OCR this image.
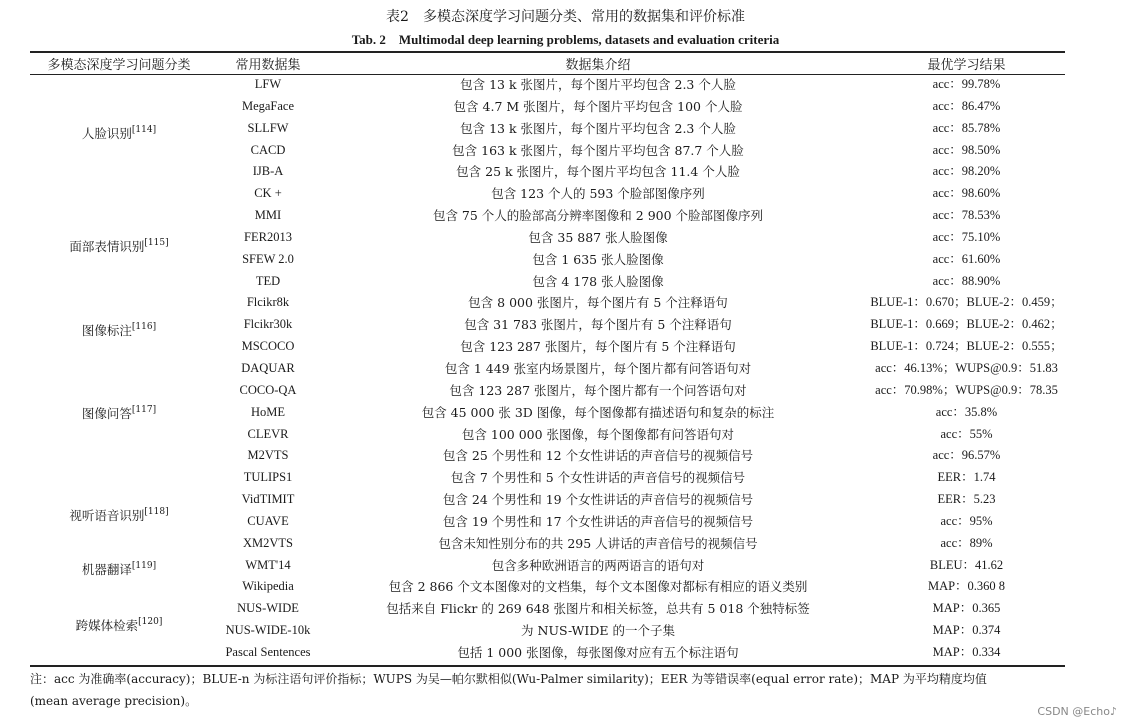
表2　多模态深度学习问题分类、常用的数据集和评价标准
Tab. 2　Multimodal deep learning problems, datasets and evaluation criteria
多模态深度学习问题分类	常用数据集	数据集介绍	最优学习结果

人脸识别[114]	LFW	包含 13 k 张图片，每个图片平均包含 2.3 个人脸	acc：99.78%
	MegaFace	包含 4.7 M 张图片，每个图片平均包含 100 个人脸	acc：86.47%
	SLLFW	包含 13 k 张图片，每个图片平均包含 2.3 个人脸	acc：85.78%
	CACD	包含 163 k 张图片，每个图片平均包含 87.7 个人脸	acc：98.50%
	IJB-A	包含 25 k 张图片，每个图片平均包含 11.4 个人脸	acc：98.20%

面部表情识别[115]	CK +	包含 123 个人的 593 个脸部图像序列	acc：98.60%
	MMI	包含 75 个人的脸部高分辨率图像和 2 900 个脸部图像序列	acc：78.53%
	FER2013	包含 35 887 张人脸图像	acc：75.10%
	SFEW 2.0	包含 1 635 张人脸图像	acc：61.60%
	TED	包含 4 178 张人脸图像	acc：88.90%

图像标注[116]	Flcikr8k	包含 8 000 张图片，每个图片有 5 个注释语句	BLUE-1：0.670；BLUE-2：0.459；
	Flcikr30k	包含 31 783 张图片，每个图片有 5 个注释语句	BLUE-1：0.669；BLUE-2：0.462；
	MSCOCO	包含 123 287 张图片，每个图片有 5 个注释语句	BLUE-1：0.724；BLUE-2：0.555；

图像问答[117]	DAQUAR	包含 1 449 张室内场景图片，每个图片都有问答语句对	acc：46.13%；WUPS@0.9：51.83
	COCO-QA	包含 123 287 张图片，每个图片都有一个问答语句对	acc：70.98%；WUPS@0.9：78.35
	HoME	包含 45 000 张 3D 图像，每个图像都有描述语句和复杂的标注	acc：35.8%
	CLEVR	包含 100 000 张图像，每个图像都有问答语句对	acc：55%

视听语音识别[118]	M2VTS	包含 25 个男性和 12 个女性讲话的声音信号的视频信号	acc：96.57%
	TULIPS1	包含 7 个男性和 5 个女性讲话的声音信号的视频信号	EER：1.74
	VidTIMIT	包含 24 个男性和 19 个女性讲话的声音信号的视频信号	EER：5.23
	CUAVE	包含 19 个男性和 17 个女性讲话的声音信号的视频信号	acc：95%
	XM2VTS	包含未知性别分布的共 295 人讲话的声音信号的视频信号	acc：89%

机器翻译[119]	WMT'14	包含多种欧洲语言的两两语言的语句对	BLEU：41.62

跨媒体检索[120]	Wikipedia	包含 2 866 个文本图像对的文档集，每个文本图像对都标有相应的语义类别	MAP：0.360 8
	NUS-WIDE	包括来自 Flickr 的 269 648 张图片和相关标签，总共有 5 018 个独特标签	MAP：0.365
	NUS-WIDE-10k	为 NUS-WIDE 的一个子集	MAP：0.374
	Pascal Sentences	包括 1 000 张图像，每张图像对应有五个标注语句	MAP：0.334
注：acc 为准确率(accuracy)；BLUE-n 为标注语句评价指标；WUPS 为吴—帕尔默相似(Wu-Palmer similarity)；EER 为等错误率(equal error rate)；MAP 为平均精度均值
(mean average precision)。
CSDN @Echo♪
